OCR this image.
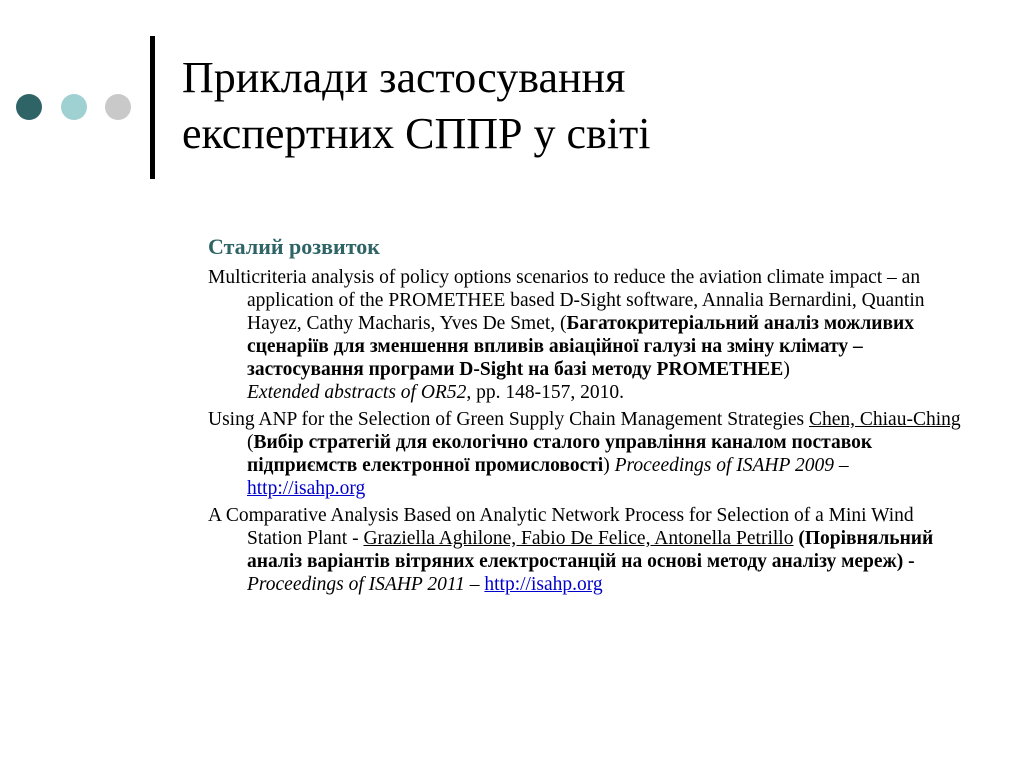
Приклади застосування
експертних СППР у світі
Сталий розвиток

Multicriteria analysis of policy options scenarios to reduce the aviation climate impact – an application of the PROMETHEE based D-Sight software, Annalia Bernardini, Quantin Hayez, Cathy Macharis, Yves De Smet, (Багатокритеріальний аналіз можливих сценаріїв для зменшення впливів авіаційної галузі на зміну клімату – застосування програми D-Sight на базі методу PROMETHEE)
Extended abstracts of OR52, pp. 148-157, 2010.

Using ANP for the Selection of Green Supply Chain Management Strategies Chen, Chiau-Ching (Вибір стратегій для екологічно сталого управління каналом поставок підприємств електронної промисловості) Proceedings of ISAHP 2009 – http://isahp.org

A Comparative Analysis Based on Analytic Network Process for Selection of a Mini Wind Station Plant - Graziella Aghilone, Fabio De Felice, Antonella Petrillo (Порівняльний аналіз варіантів вітряних електростанцій на основі методу аналізу мереж) - Proceedings of ISAHP 2011 – http://isahp.org
